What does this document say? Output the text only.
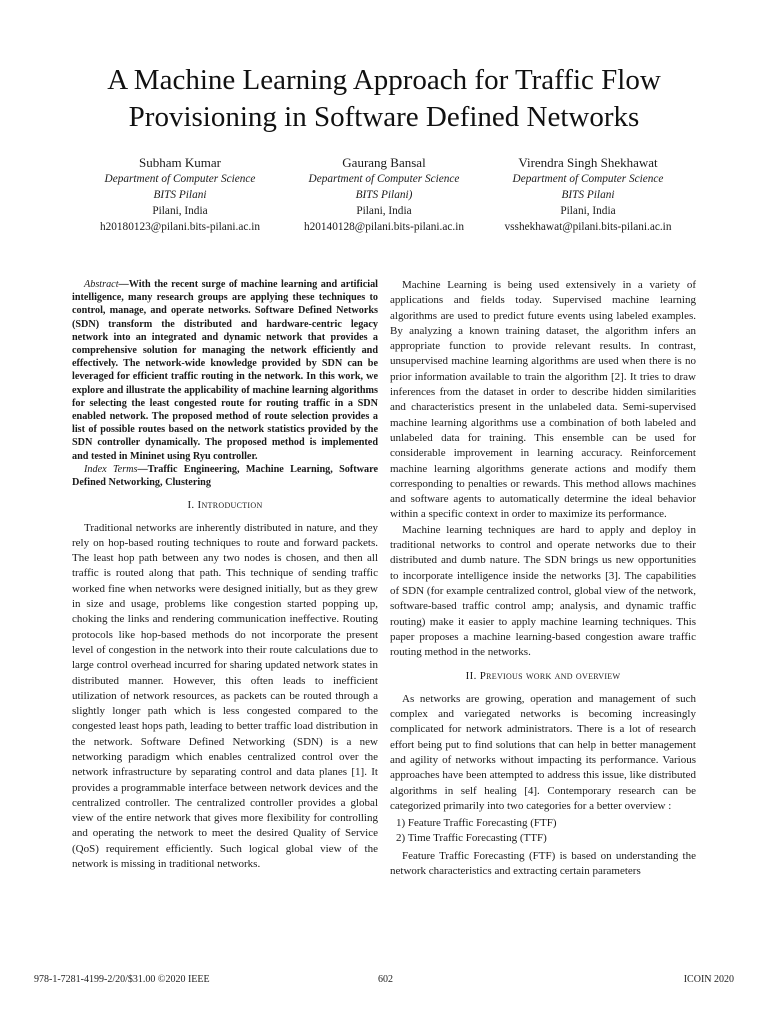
A Machine Learning Approach for Traffic Flow Provisioning in Software Defined Networks
Subham Kumar
Department of Computer Science
BITS Pilani
Pilani, India
h20180123@pilani.bits-pilani.ac.in
Gaurang Bansal
Department of Computer Science
BITS Pilani)
Pilani, India
h20140128@pilani.bits-pilani.ac.in
Virendra Singh Shekhawat
Department of Computer Science
BITS Pilani
Pilani, India
vsshekhawat@pilani.bits-pilani.ac.in

Abstract—With the recent surge of machine learning and artificial intelligence, many research groups are applying these techniques to control, manage, and operate networks. Software Defined Networks (SDN) transform the distributed and hardware-centric legacy network into an integrated and dynamic network that provides a comprehensive solution for managing the network efficiently and effectively. The network-wide knowledge provided by SDN can be leveraged for efficient traffic routing in the network. In this work, we explore and illustrate the applicability of machine learning algorithms for selecting the least congested route for routing traffic in a SDN enabled network. The proposed method of route selection provides a list of possible routes based on the network statistics provided by the SDN controller dynamically. The proposed method is implemented and tested in Mininet using Ryu controller.

Index Terms—Traffic Engineering, Machine Learning, Software Defined Networking, Clustering

I. Introduction

Traditional networks are inherently distributed in nature, and they rely on hop-based routing techniques to route and forward packets. The least hop path between any two nodes is chosen, and then all traffic is routed along that path. This technique of sending traffic worked fine when networks were designed initially, but as they grew in size and usage, problems like congestion started popping up, choking the links and rendering communication ineffective. Routing protocols like hop-based methods do not incorporate the present level of congestion in the network into their route calculations due to large control overhead incurred for sharing updated network states in distributed manner. However, this often leads to inefficient utilization of network resources, as packets can be routed through a slightly longer path which is less congested compared to the congested least hops path, leading to better traffic load distribution in the network. Software Defined Networking (SDN) is a new networking paradigm which enables centralized control over the network infrastructure by separating control and data planes [1]. It provides a programmable interface between network devices and the centralized controller. The centralized controller provides a global view of the entire network that gives more flexibility for controlling and operating the network to meet the desired Quality of Service (QoS) requirement efficiently. Such logical global view of the network is missing in traditional networks.

Machine Learning is being used extensively in a variety of applications and fields today. Supervised machine learning algorithms are used to predict future events using labeled examples. By analyzing a known training dataset, the algorithm infers an appropriate function to provide relevant results. In contrast, unsupervised machine learning algorithms are used when there is no prior information available to train the algorithm [2]. It tries to draw inferences from the dataset in order to describe hidden similarities and characteristics present in the unlabeled data. Semi-supervised machine learning algorithms use a combination of both labeled and unlabeled data for training. This ensemble can be used for considerable improvement in learning accuracy. Reinforcement machine learning algorithms generate actions and modify them corresponding to penalties or rewards. This method allows machines and software agents to automatically determine the ideal behavior within a specific context in order to maximize its performance.

Machine learning techniques are hard to apply and deploy in traditional networks to control and operate networks due to their distributed and dumb nature. The SDN brings us new opportunities to incorporate intelligence inside the networks [3]. The capabilities of SDN (for example centralized control, global view of the network, software-based traffic control amp; analysis, and dynamic traffic routing) make it easier to apply machine learning techniques. This paper proposes a machine learning-based congestion aware traffic routing method in the networks.

II. Previous work and overview

As networks are growing, operation and management of such complex and variegated networks is becoming increasingly complicated for network administrators. There is a lot of research effort being put to find solutions that can help in better management and agility of networks without impacting its performance. Various approaches have been attempted to address this issue, like distributed algorithms in self healing [4]. Contemporary research can be categorized primarily into two categories for a better overview :

1) Feature Traffic Forecasting (FTF)
2) Time Traffic Forecasting (TTF)

Feature Traffic Forecasting (FTF) is based on understanding the network characteristics and extracting certain parameters

978-1-7281-4199-2/20/$31.00 ©2020 IEEE	602	ICOIN 2020
